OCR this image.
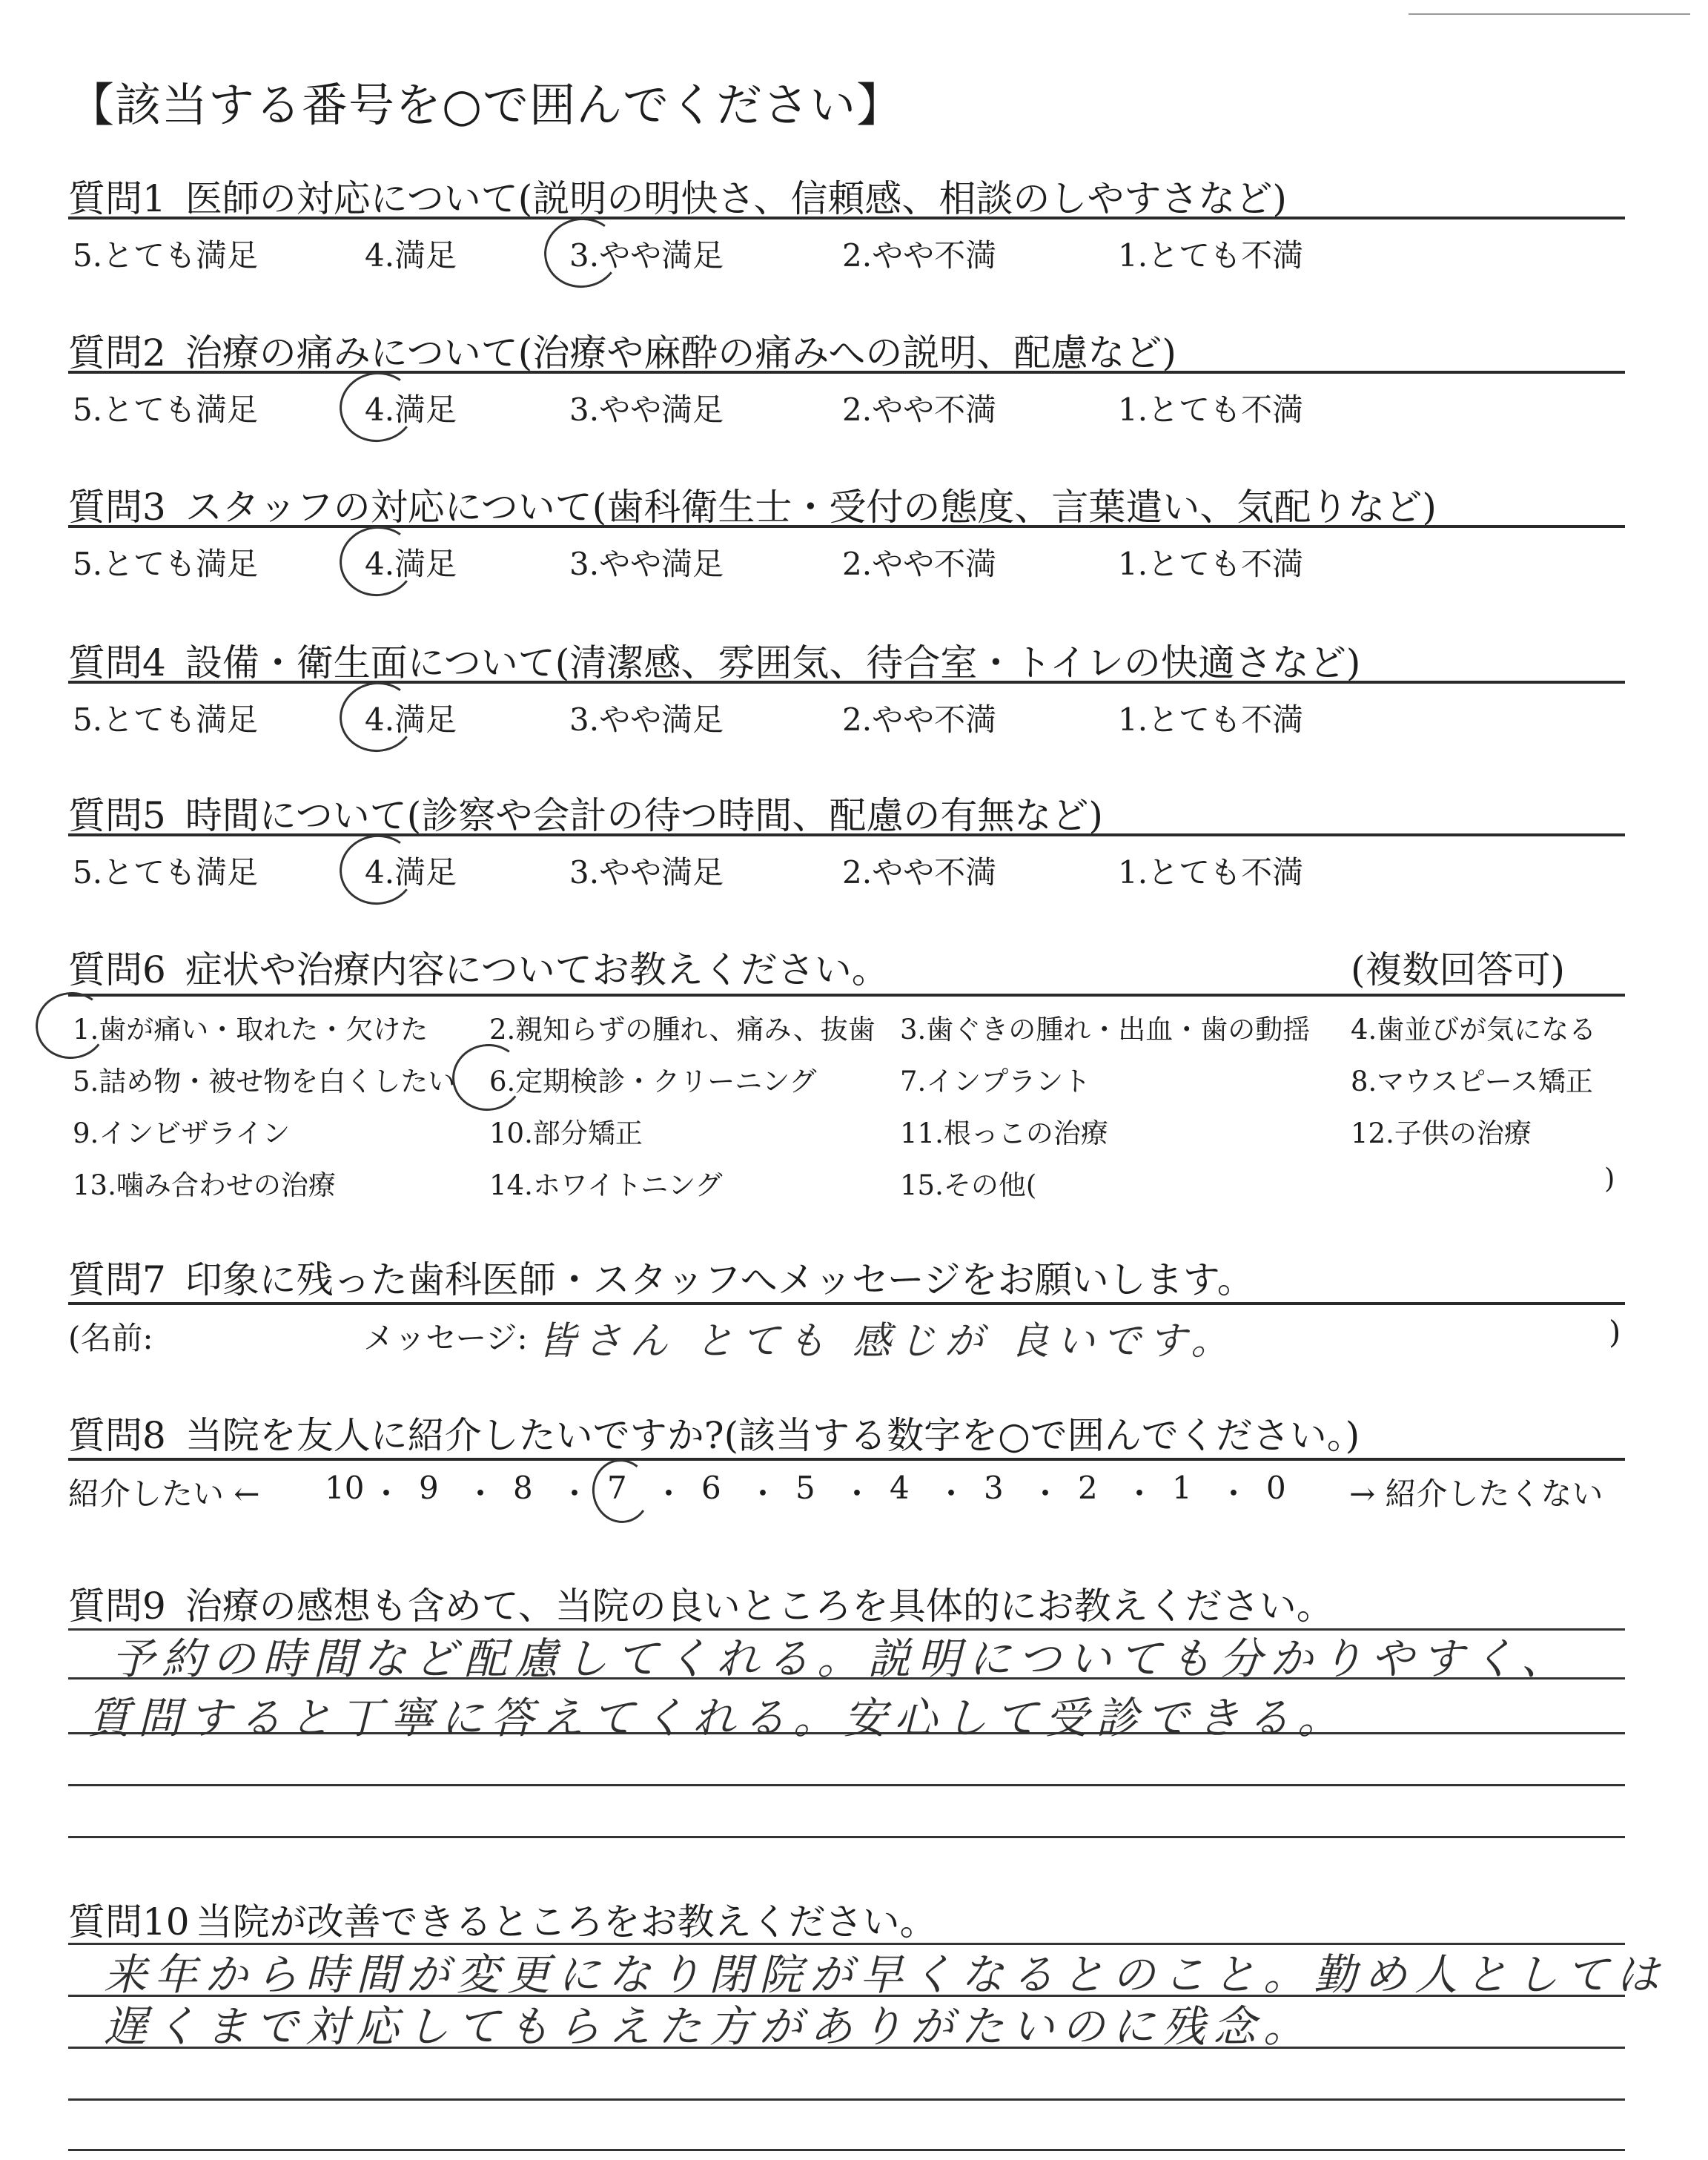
【該当する番号を○で囲んでください】
質問1 医師の対応について(説明の明快さ、信頼感、相談のしやすさなど)
5.とても満足	4.満足	3.やや満足	2.やや不満	1.とても不満
質問2 治療の痛みについて(治療や麻酔の痛みへの説明、配慮など)
5.とても満足	4.満足	3.やや満足	2.やや不満	1.とても不満
質問3 スタッフの対応について(歯科衛生士・受付の態度、言葉遣い、気配りなど)
5.とても満足	4.満足	3.やや満足	2.やや不満	1.とても不満
質問4 設備・衛生面について(清潔感、雰囲気、待合室・トイレの快適さなど)
5.とても満足	4.満足	3.やや満足	2.やや不満	1.とても不満
質問5 時間について(診察や会計の待つ時間、配慮の有無など)
5.とても満足	4.満足	3.やや満足	2.やや不満	1.とても不満
質問6 症状や治療内容についてお教えください。	(複数回答可)
1.歯が痛い・取れた・欠けた 2.親知らずの腫れ、痛み、抜歯 3.歯ぐきの腫れ・出血・歯の動揺 4.歯並びが気になる
5.詰め物・被せ物を白くしたい 6.定期検診・クリーニング	7.インプラント	8.マウスピース矯正
9.インビザライン	10.部分矯正	11.根っこの治療	12.子供の治療
13.噛み合わせの治療	14.ホワイトニング	15.その他(	)
質問7 印象に残った歯科医師・スタッフへメッセージをお願いします。
(名前:	メッセージ: 皆さん とても 感じが 良いです。	)
質問8 当院を友人に紹介したいですか?(該当する数字を○で囲んでください。)
紹介したい ←	→ 紹介したくない
10 ・ 9 ・ 8 ・ 7 ・ 6 ・ 5 ・ 4 ・ 3 ・ 2 ・ 1 ・ 0
質問9 治療の感想も含めて、当院の良いところを具体的にお教えください。
予約の時間など配慮してくれる。説明についても分かりやすく、
質問すると丁寧に答えてくれる。安心して受診できる。
質問10 当院が改善できるところをお教えください。
来年から時間が変更になり閉院が早くなるとのこと。勤め人としては
遅くまで対応してもらえた方がありがたいのに残念。
